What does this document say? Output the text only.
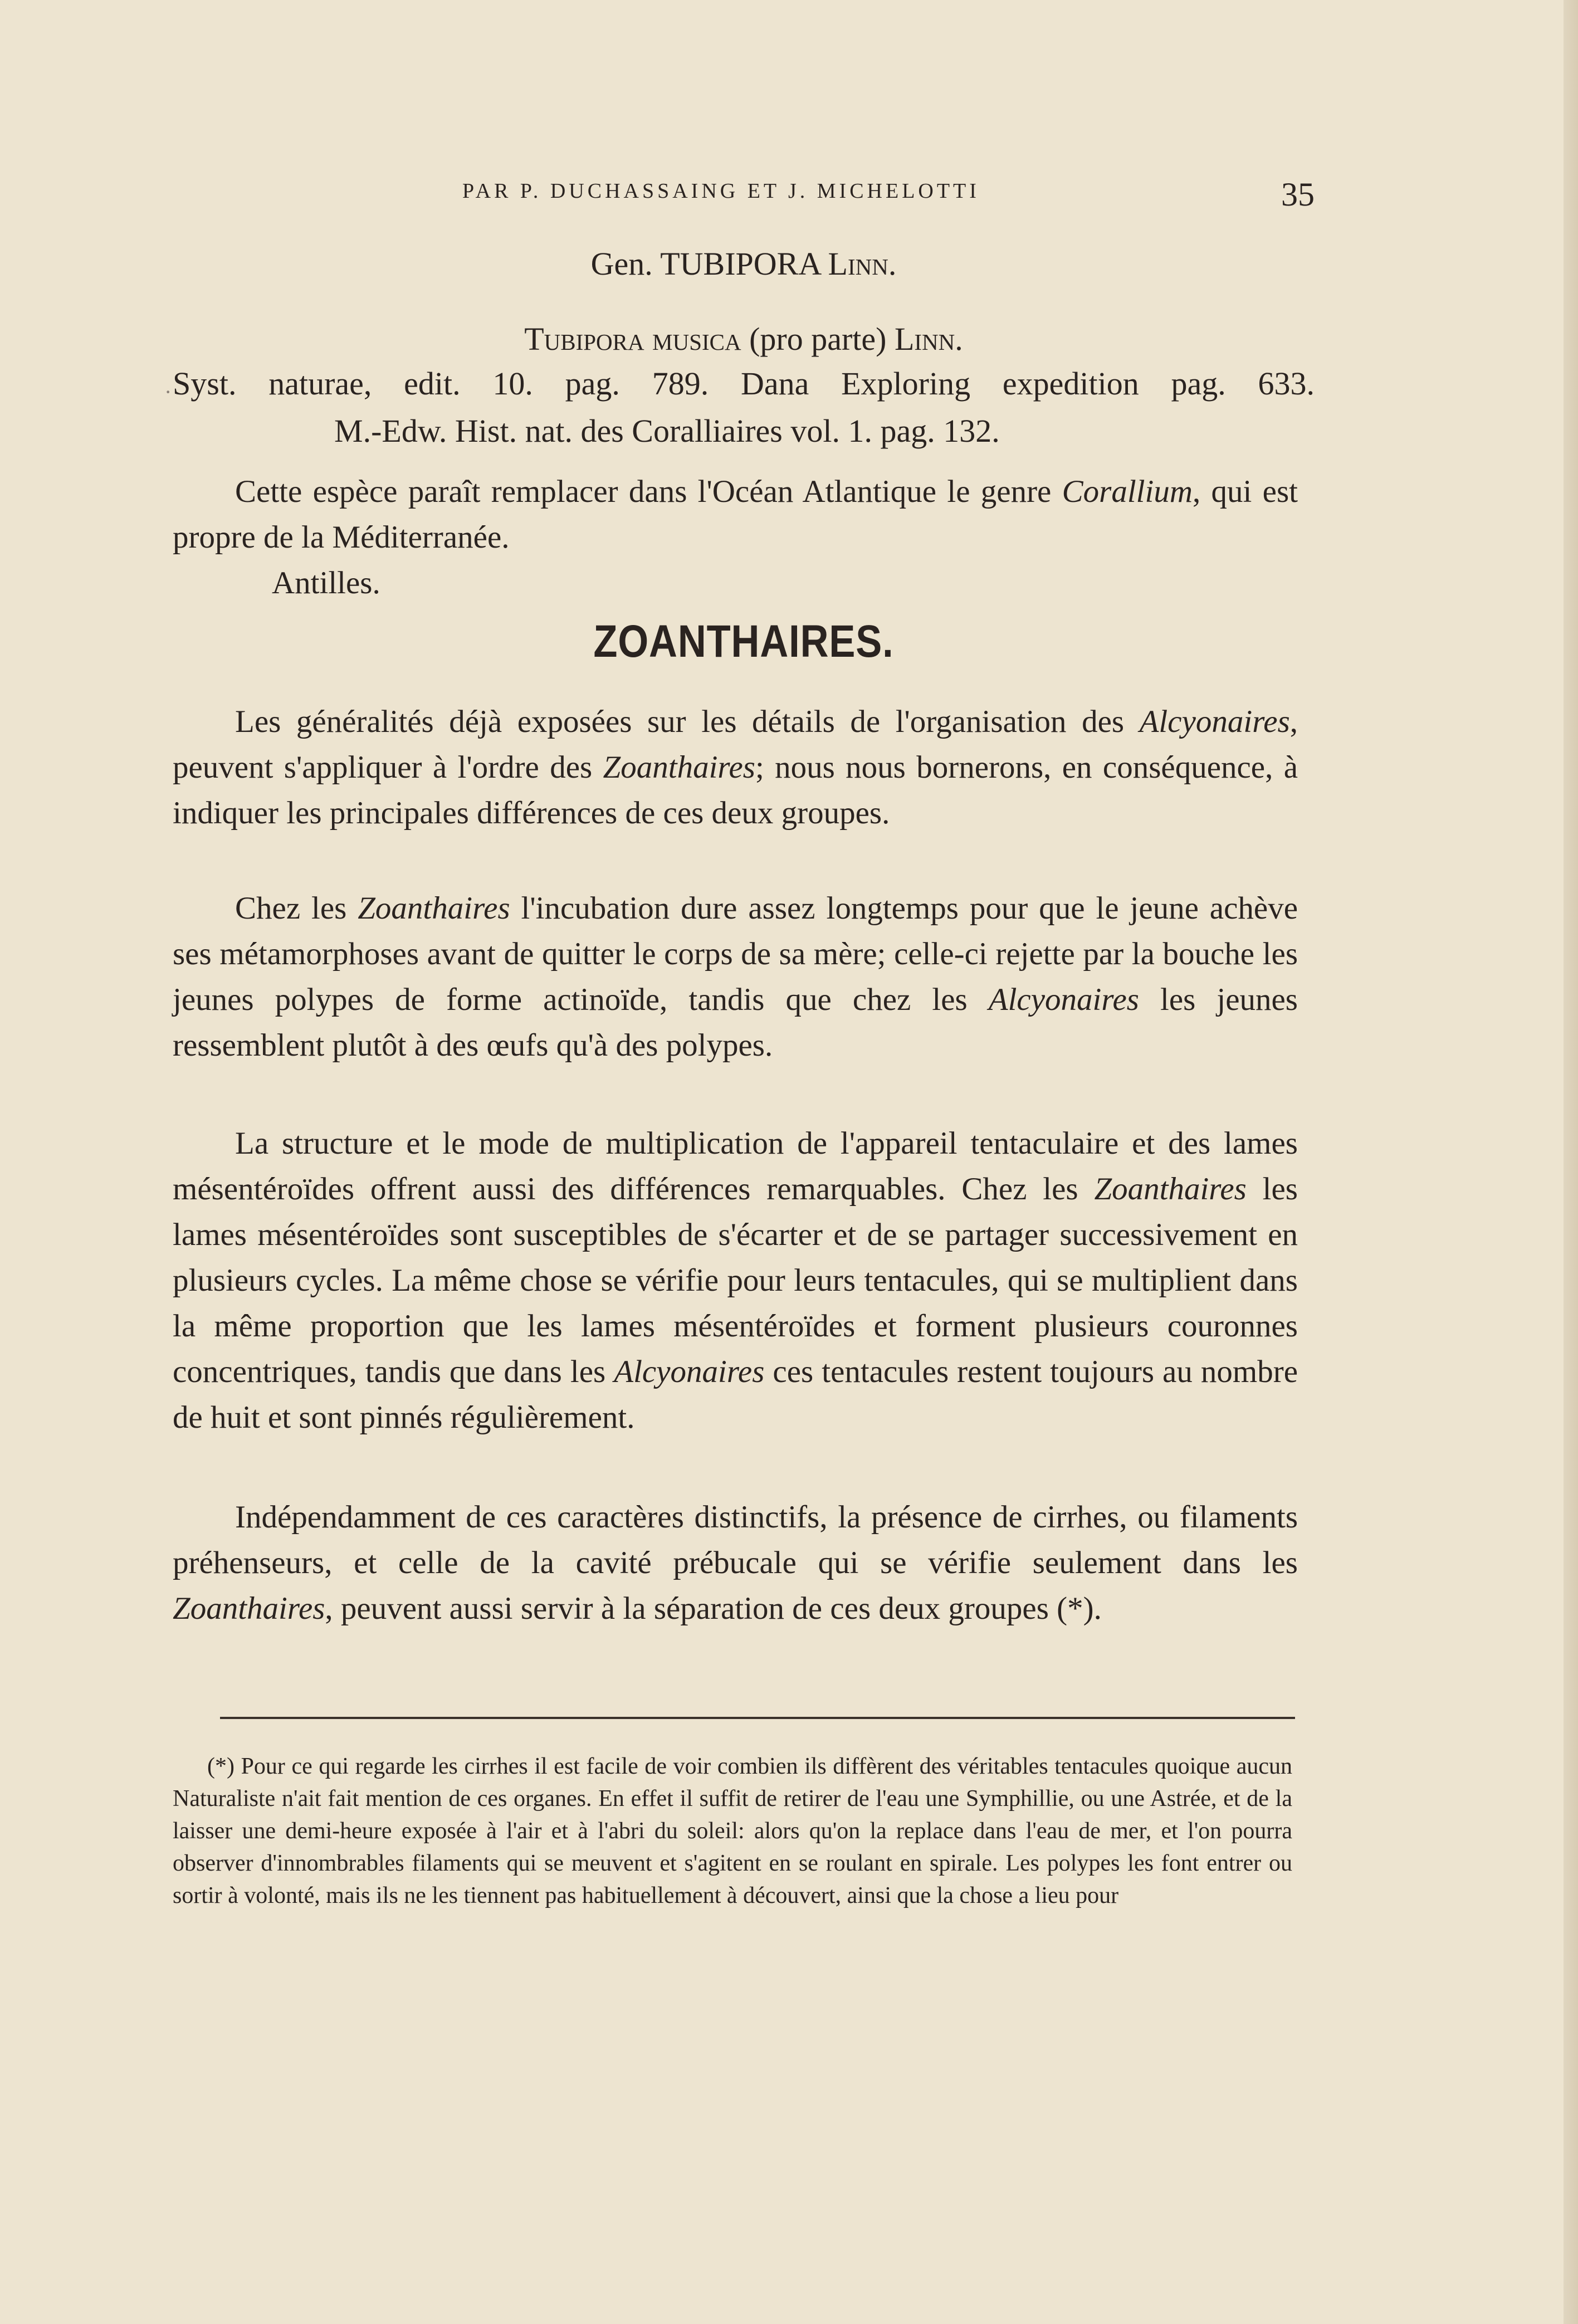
PAR P. DUCHASSAING ET J. MICHELOTTI	35

Gen. TUBIPORA Linn.

Tubipora musica (pro parte) Linn.

· Syst. naturae, edit. 10. pag. 789. Dana Exploring expedition pag. 633.

M.-Edw. Hist. nat. des Coralliaires vol. 1. pag. 132.

Cette espèce paraît remplacer dans l'Océan Atlantique le genre Corallium, qui est propre de la Méditerranée.

Antilles.

ZOANTHAIRES.

Les généralités déjà exposées sur les détails de l'organisation des Alcyonaires, peuvent s'appliquer à l'ordre des Zoanthaires; nous nous bornerons, en conséquence, à indiquer les principales différences de ces deux groupes.

Chez les Zoanthaires l'incubation dure assez longtemps pour que le jeune achève ses métamorphoses avant de quitter le corps de sa mère; celle-ci rejette par la bouche les jeunes polypes de forme actinoïde, tandis que chez les Alcyonaires les jeunes ressemblent plutôt à des œufs qu'à des polypes.

La structure et le mode de multiplication de l'appareil tentaculaire et des lames mésentéroïdes offrent aussi des différences remarquables. Chez les Zoanthaires les lames mésentéroïdes sont susceptibles de s'écarter et de se partager successivement en plusieurs cycles. La même chose se vérifie pour leurs tentacules, qui se multiplient dans la même proportion que les lames mésentéroïdes et forment plusieurs couronnes concentriques, tandis que dans les Alcyonaires ces tentacules restent toujours au nombre de huit et sont pinnés régulièrement.

Indépendamment de ces caractères distinctifs, la présence de cirrhes, ou filaments préhenseurs, et celle de la cavité prébucale qui se vérifie seulement dans les Zoanthaires, peuvent aussi servir à la séparation de ces deux groupes (*).

(*) Pour ce qui regarde les cirrhes il est facile de voir combien ils diffèrent des véritables tentacules quoique aucun Naturaliste n'ait fait mention de ces organes. En effet il suffit de retirer de l'eau une Symphillie, ou une Astrée, et de la laisser une demi-heure exposée à l'air et à l'abri du soleil: alors qu'on la replace dans l'eau de mer, et l'on pourra observer d'innombrables filaments qui se meuvent et s'agitent en se roulant en spirale. Les polypes les font entrer ou sortir à volonté, mais ils ne les tiennent pas habituellement à découvert, ainsi que la chose a lieu pour
